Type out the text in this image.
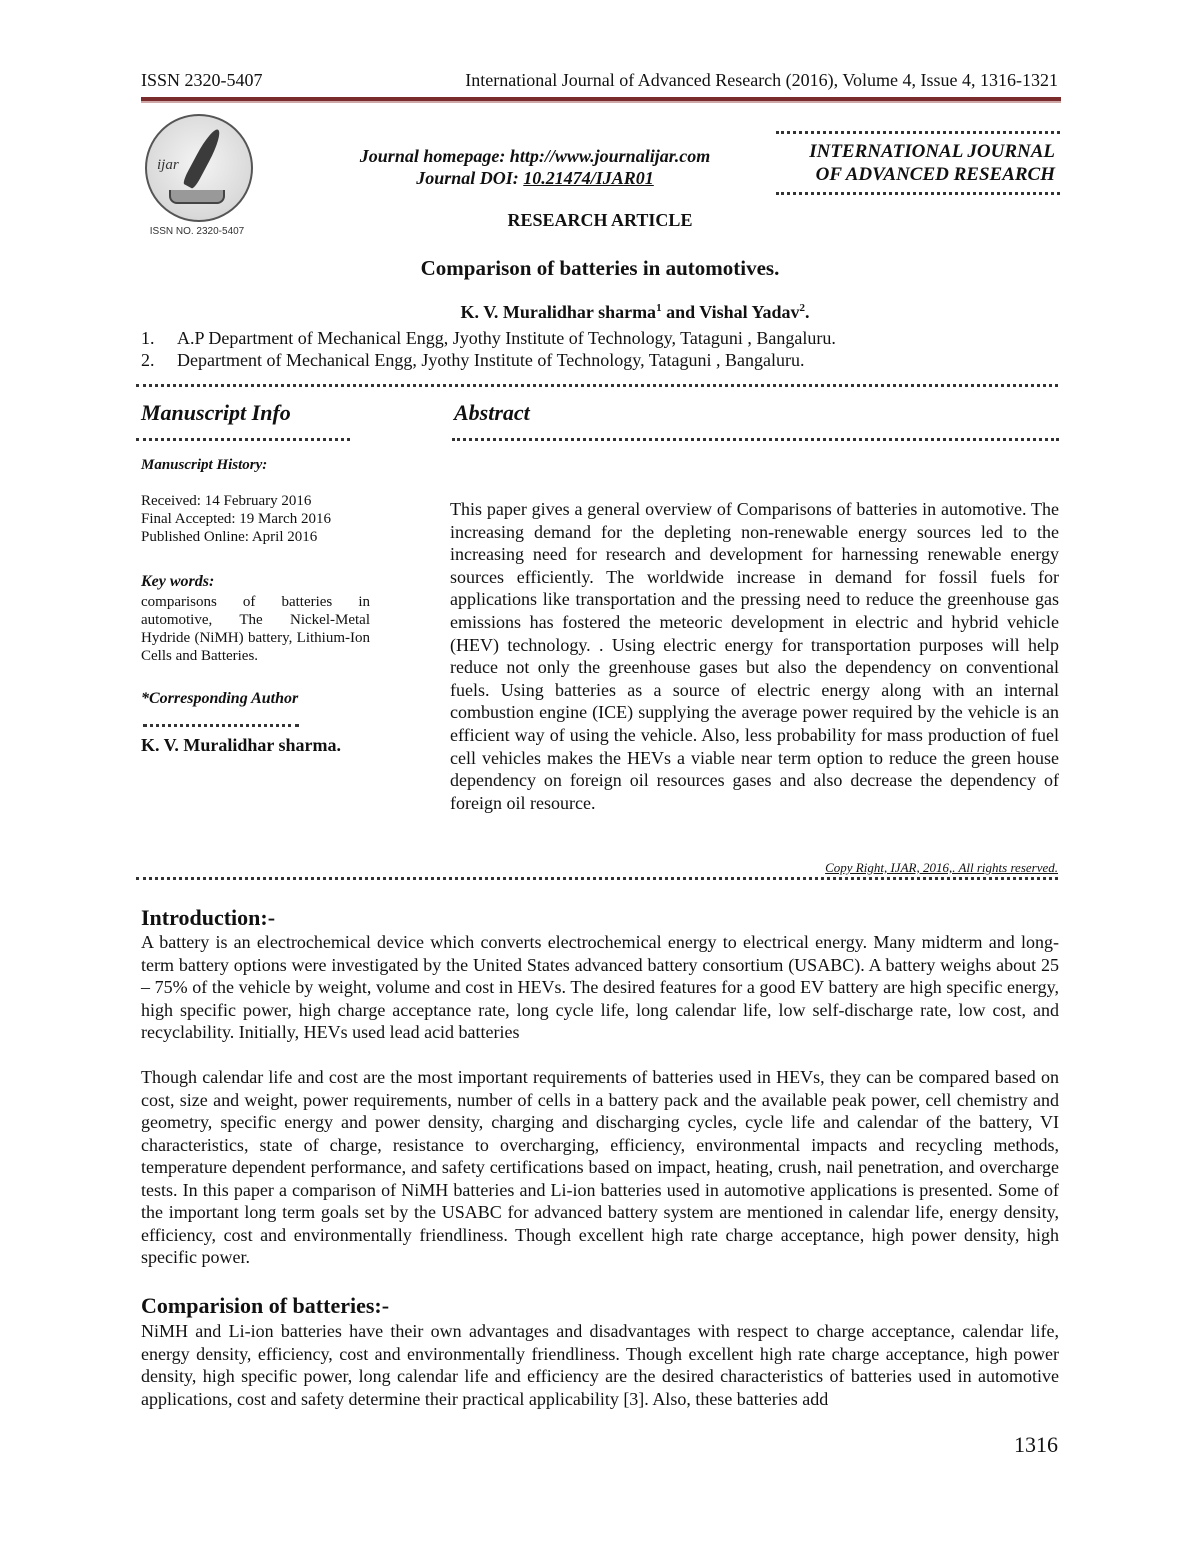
ISSN 2320-5407	International Journal of Advanced Research (2016), Volume 4, Issue 4, 1316-1321
ijar
ISSN NO. 2320-5407
Journal homepage: http://www.journalijar.com
Journal DOI: 10.21474/IJAR01
INTERNATIONAL JOURNAL
OF ADVANCED RESEARCH
RESEARCH ARTICLE
Comparison of batteries in automotives.
K. V. Muralidhar sharma$^1$ and Vishal Yadav$^2$.
1. A.P Department of Mechanical Engg, Jyothy Institute of Technology, Tataguni , Bangaluru.
2. Department of Mechanical Engg, Jyothy Institute of Technology, Tataguni , Bangaluru.
Manuscript Info
Manuscript History:
Received: 14 February 2016
Final Accepted: 19 March 2016
Published Online: April 2016
Key words:
comparisons of batteries in automotive, The Nickel-Metal Hydride (NiMH) battery, Lithium-Ion Cells and Batteries.
*Corresponding Author
K. V. Muralidhar sharma.
Abstract
This paper gives a general overview of Comparisons of batteries in automotive. The increasing demand for the depleting non-renewable energy sources led to the increasing need for research and development for harnessing renewable energy sources efficiently. The worldwide increase in demand for fossil fuels for applications like transportation and the pressing need to reduce the greenhouse gas emissions has fostered the meteoric development in electric and hybrid vehicle (HEV) technology. . Using electric energy for transportation purposes will help reduce not only the greenhouse gases but also the dependency on conventional fuels. Using batteries as a source of electric energy along with an internal combustion engine (ICE) supplying the average power required by the vehicle is an efficient way of using the vehicle. Also, less probability for mass production of fuel cell vehicles makes the HEVs a viable near term option to reduce the green house dependency on foreign oil resources gases and also decrease the dependency of foreign oil resource.
Copy Right, IJAR, 2016,. All rights reserved.
Introduction:-
A battery is an electrochemical device which converts electrochemical energy to electrical energy. Many midterm and long-term battery options were investigated by the United States advanced battery consortium (USABC). A battery weighs about 25 – 75% of the vehicle by weight, volume and cost in HEVs. The desired features for a good EV battery are high specific energy, high specific power, high charge acceptance rate, long cycle life, long calendar life, low self-discharge rate, low cost, and recyclability. Initially, HEVs used lead acid batteries
Though calendar life and cost are the most important requirements of batteries used in HEVs, they can be compared based on cost, size and weight, power requirements, number of cells in a battery pack and the available peak power, cell chemistry and geometry, specific energy and power density, charging and discharging cycles, cycle life and calendar of the battery, VI characteristics, state of charge, resistance to overcharging, efficiency, environmental impacts and recycling methods, temperature dependent performance, and safety certifications based on impact, heating, crush, nail penetration, and overcharge tests. In this paper a comparison of NiMH batteries and Li-ion batteries used in automotive applications is presented. Some of the important long term goals set by the USABC for advanced battery system are mentioned in calendar life, energy density, efficiency, cost and environmentally friendliness. Though excellent high rate charge acceptance, high power density, high specific power.
Comparision of batteries:-
NiMH and Li-ion batteries have their own advantages and disadvantages with respect to charge acceptance, calendar life, energy density, efficiency, cost and environmentally friendliness. Though excellent high rate charge acceptance, high power density, high specific power, long calendar life and efficiency are the desired characteristics of batteries used in automotive applications, cost and safety determine their practical applicability [3]. Also, these batteries add
1316
